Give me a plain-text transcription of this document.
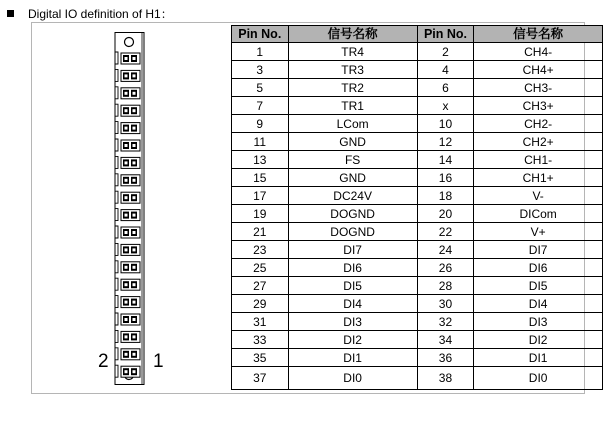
Digital IO definition of H1：
2 1
Pin No.	信号名称	Pin No.	信号名称
1	TR4	2	CH4-
3	TR3	4	CH4+
5	TR2	6	CH3-
7	TR1	x	CH3+
9	LCom	10	CH2-
11	GND	12	CH2+
13	FS	14	CH1-
15	GND	16	CH1+
17	DC24V	18	V-
19	DOGND	20	DICom
21	DOGND	22	V+
23	DI7	24	DI7
25	DI6	26	DI6
27	DI5	28	DI5
29	DI4	30	DI4
31	DI3	32	DI3
33	DI2	34	DI2
35	DI1	36	DI1
37	DI0	38	DI0
